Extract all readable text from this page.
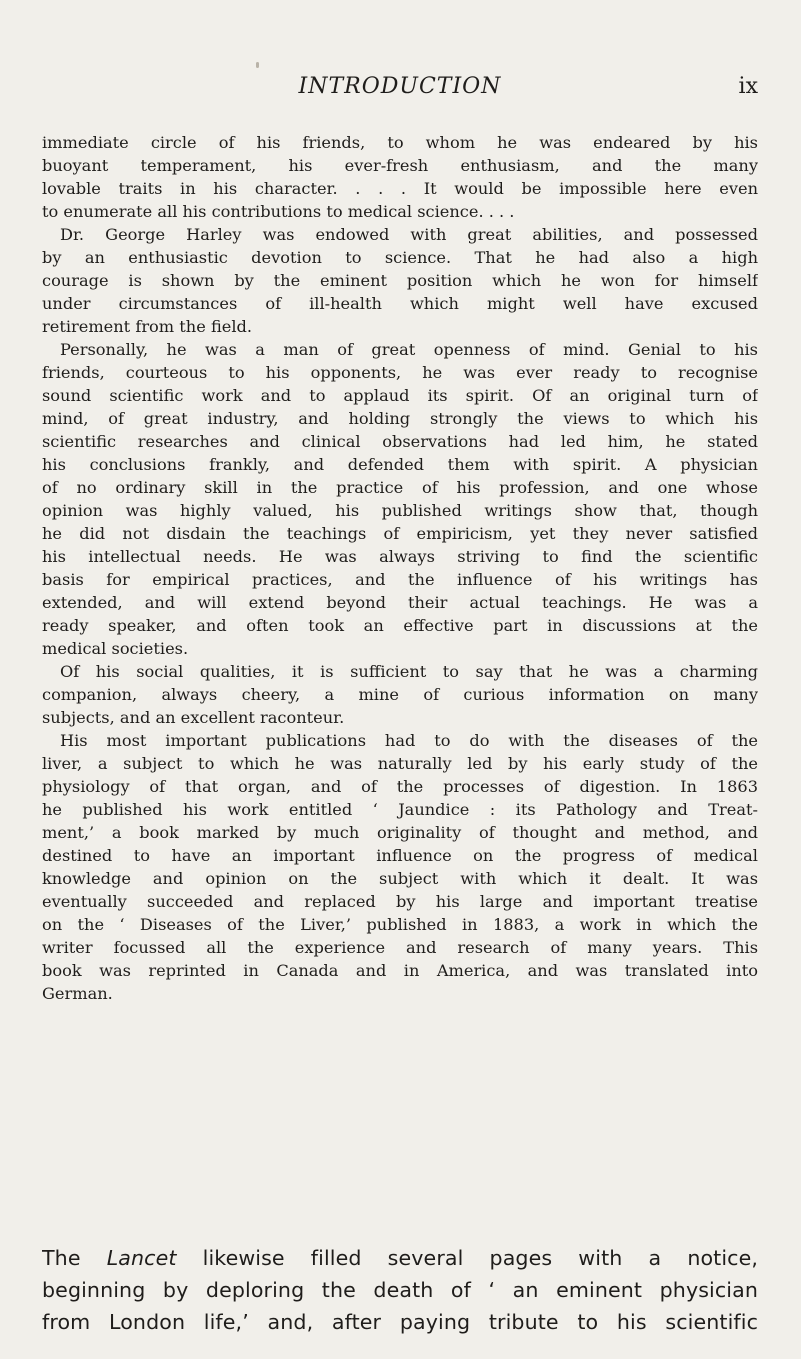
INTRODUCTION	ix
immediate circle of his friends, to whom he was endeared by his
buoyant temperament, his ever-fresh enthusiasm, and the many
lovable traits in his character. . . . It would be impossible here even
to enumerate all his contributions to medical science. . . .
Dr. George Harley was endowed with great abilities, and possessed
by an enthusiastic devotion to science. That he had also a high
courage is shown by the eminent position which he won for himself
under circumstances of ill-health which might well have excused
retirement from the field.
Personally, he was a man of great openness of mind. Genial to his
friends, courteous to his opponents, he was ever ready to recognise
sound scientific work and to applaud its spirit. Of an original turn of
mind, of great industry, and holding strongly the views to which his
scientific researches and clinical observations had led him, he stated
his conclusions frankly, and defended them with spirit. A physician
of no ordinary skill in the practice of his profession, and one whose
opinion was highly valued, his published writings show that, though
he did not disdain the teachings of empiricism, yet they never satisfied
his intellectual needs. He was always striving to find the scientific
basis for empirical practices, and the influence of his writings has
extended, and will extend beyond their actual teachings. He was a
ready speaker, and often took an effective part in discussions at the
medical societies.
Of his social qualities, it is sufficient to say that he was a charming
companion, always cheery, a mine of curious information on many
subjects, and an excellent raconteur.
His most important publications had to do with the diseases of the
liver, a subject to which he was naturally led by his early study of the
physiology of that organ, and of the processes of digestion. In 1863
he published his work entitled ‘ Jaundice : its Pathology and Treat-
ment,’ a book marked by much originality of thought and method, and
destined to have an important influence on the progress of medical
knowledge and opinion on the subject with which it dealt. It was
eventually succeeded and replaced by his large and important treatise
on the ‘ Diseases of the Liver,’ published in 1883, a work in which the
writer focussed all the experience and research of many years. This
book was reprinted in Canada and in America, and was translated into
German.
The Lancet likewise filled several pages with a notice,
beginning by deploring the death of ‘ an eminent physician
from London life,’ and, after paying tribute to his scientific
